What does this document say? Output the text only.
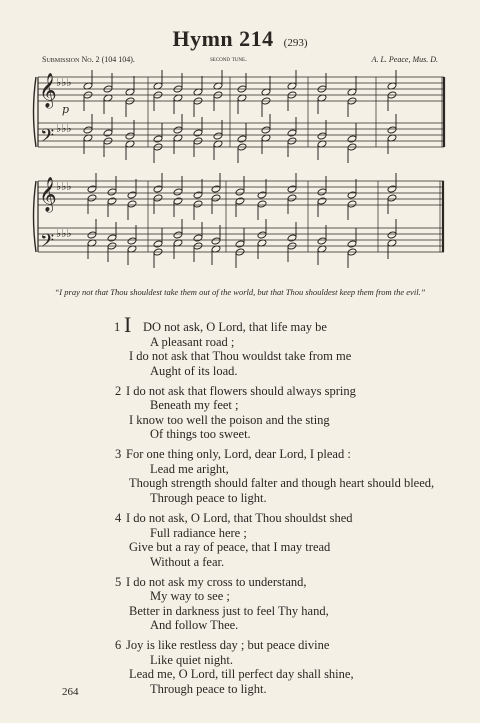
Hymn 214 (293)
Submission No. 2 (104 104).	second tune.	A. L. Peace, Mus. D.
𝄞
𝄢
𝄞
𝄢
♭♭♭
♭♭♭
♭♭♭
♭♭♭
p
“I pray not that Thou shouldest take them out of the world, but that Thou shouldest keep them from the evil.”
I
1 DO not ask, O Lord, that life may be
A pleasant road ;
I do not ask that Thou wouldst take from me
Aught of its load.
2 I do not ask that flowers should always spring
Beneath my feet ;
I know too well the poison and the sting
Of things too sweet.
3 For one thing only, Lord, dear Lord, I plead :
Lead me aright,
Though strength should falter and though heart should bleed,
Through peace to light.
4 I do not ask, O Lord, that Thou shouldst shed
Full radiance here ;
Give but a ray of peace, that I may tread
Without a fear.
5 I do not ask my cross to understand,
My way to see ;
Better in darkness just to feel Thy hand,
And follow Thee.
6 Joy is like restless day ; but peace divine
Like quiet night.
Lead me, O Lord, till perfect day shall shine,
Through peace to light.
264
